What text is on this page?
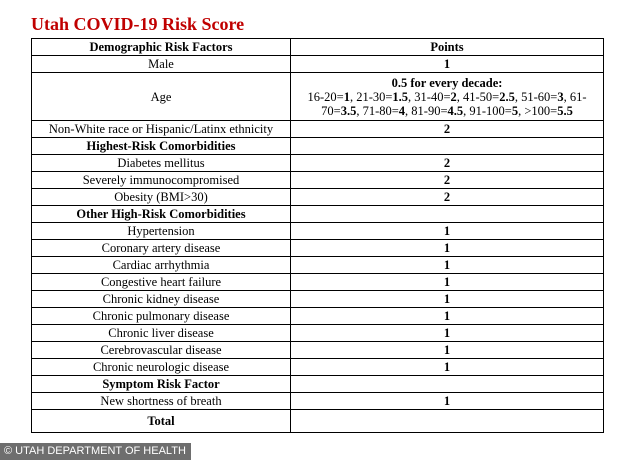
Utah COVID-19 Risk Score
Demographic Risk Factors	Points
Male	1
Age	0.5 for every decade:
16-20=1, 21-30=1.5, 31-40=2, 41-50=2.5, 51-60=3, 61-
70=3.5, 71-80=4, 81-90=4.5, 91-100=5, >100=5.5

Non-White race or Hispanic/Latinx ethnicity	2
Highest-Risk Comorbidities	
Diabetes mellitus	2
Severely immunocompromised	2
Obesity (BMI>30)	2
Other High-Risk Comorbidities	
Hypertension	1
Coronary artery disease	1
Cardiac arrhythmia	1
Congestive heart failure	1
Chronic kidney disease	1
Chronic pulmonary disease	1
Chronic liver disease	1
Cerebrovascular disease	1
Chronic neurologic disease	1
Symptom Risk Factor	
New shortness of breath	1
Total	
© UTAH DEPARTMENT OF HEALTH
